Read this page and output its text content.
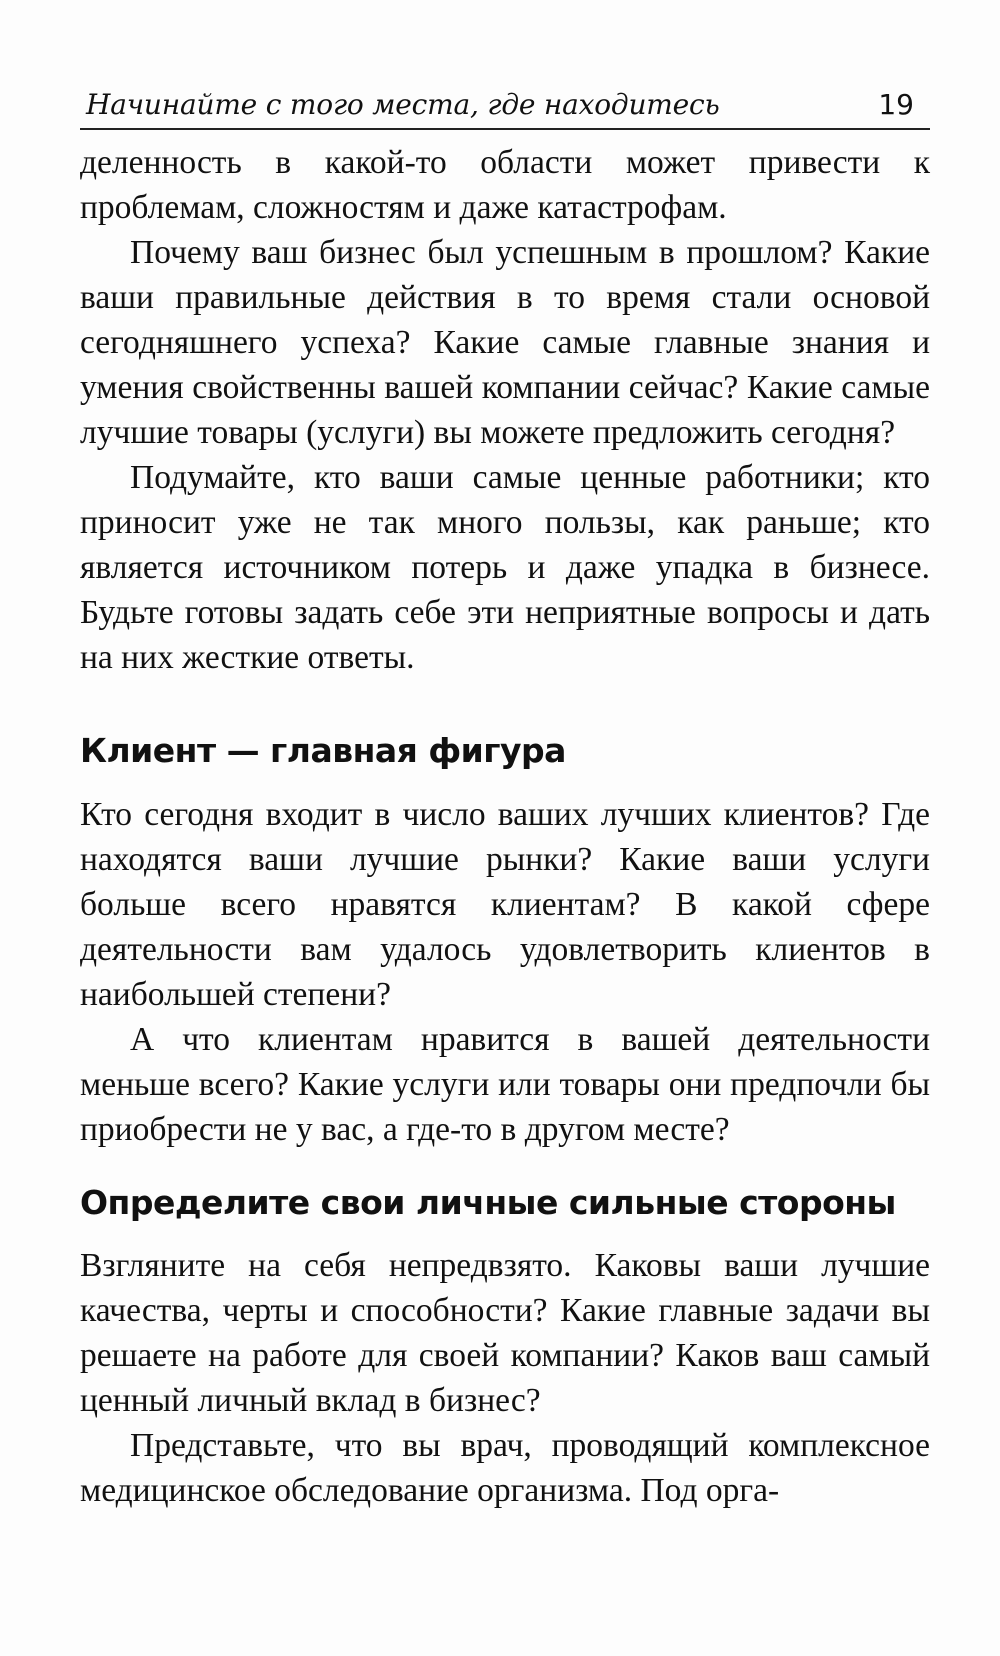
Начинайте с того места, где находитесь	19

деленность в какой-то области может привести к проблемам, сложностям и даже катастрофам.

Почему ваш бизнес был успешным в прошлом? Какие ваши правильные действия в то время стали основой сегодняшнего успеха? Какие самые главные знания и умения свойственны вашей компании сейчас? Какие самые лучшие товары (услуги) вы можете предложить сегодня?

Подумайте, кто ваши самые ценные работники; кто приносит уже не так много пользы, как раньше; кто является источником потерь и даже упадка в бизнесе. Будьте готовы задать себе эти неприятные вопросы и дать на них жесткие ответы.

Клиент — главная фигура

Кто сегодня входит в число ваших лучших клиентов? Где находятся ваши лучшие рынки? Какие ваши услуги больше всего нравятся клиентам? В какой сфере деятельности вам удалось удовлетворить клиентов в наибольшей степени?

А что клиентам нравится в вашей деятельности меньше всего? Какие услуги или товары они предпочли бы приобрести не у вас, а где-то в другом месте?

Определите свои личные сильные стороны

Взгляните на себя непредвзято. Каковы ваши лучшие качества, черты и способности? Какие главные задачи вы решаете на работе для своей компании? Каков ваш самый ценный личный вклад в бизнес?

Представьте, что вы врач, проводящий комплексное медицинское обследование организма. Под орга-
